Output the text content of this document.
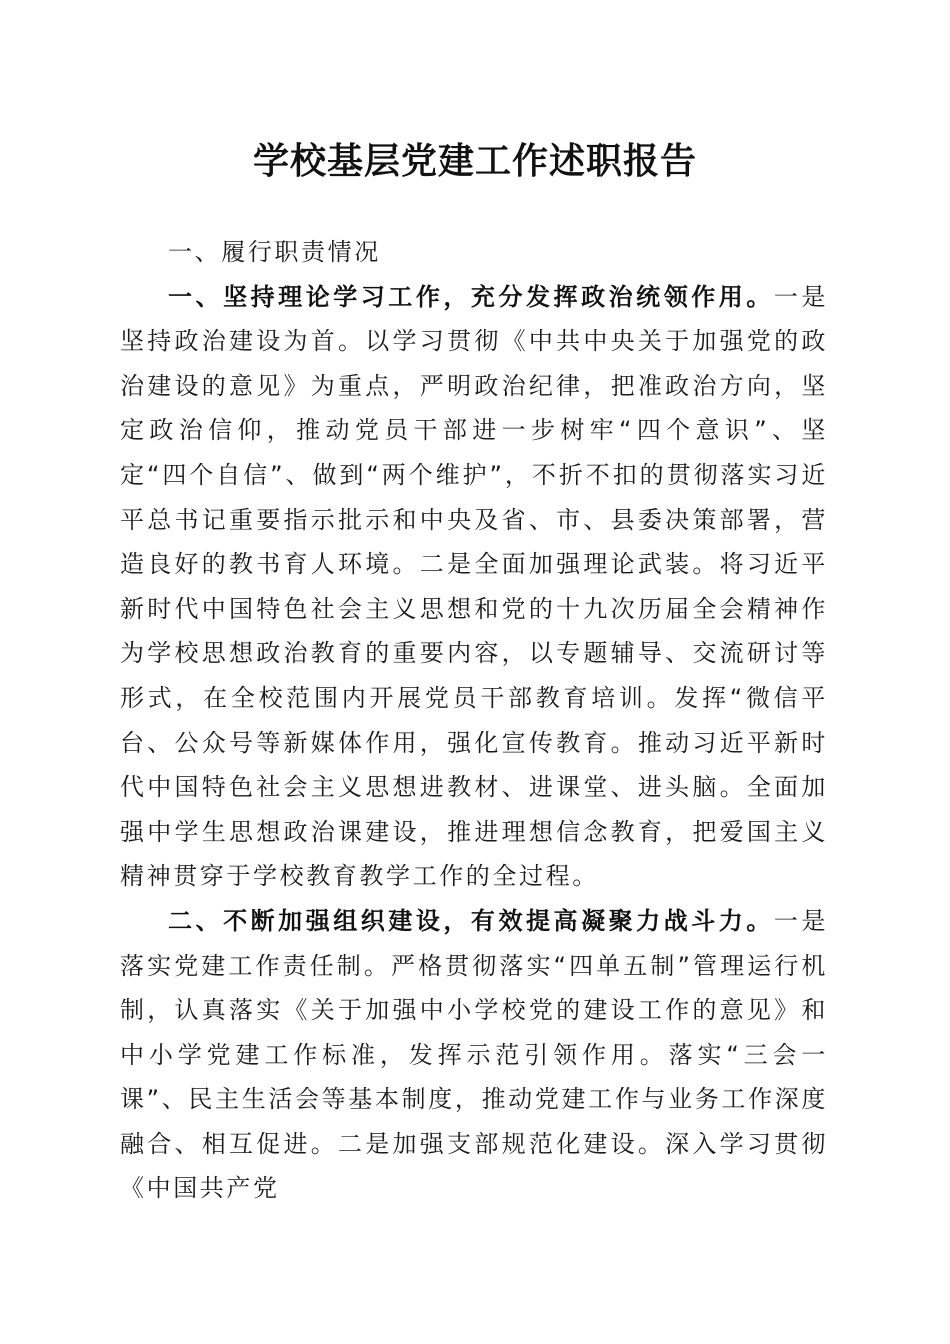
学校基层党建工作述职报告

一、履行职责情况

一、坚持理论学习工作，充分发挥政治统领作用。一是坚持政治建设为首。以学习贯彻《中共中央关于加强党的政治建设的意见》为重点，严明政治纪律，把准政治方向，坚定政治信仰，推动党员干部进一步树牢“四个意识”、坚定“四个自信”、做到“两个维护”，不折不扣的贯彻落实习近平总书记重要指示批示和中央及省、市、县委决策部署，营造良好的教书育人环境。二是全面加强理论武装。将习近平新时代中国特色社会主义思想和党的十九次历届全会精神作为学校思想政治教育的重要内容，以专题辅导、交流研讨等形式，在全校范围内开展党员干部教育培训。发挥“微信平台、公众号等新媒体作用，强化宣传教育。推动习近平新时代中国特色社会主义思想进教材、进课堂、进头脑。全面加强中学生思想政治课建设，推进理想信念教育，把爱国主义精神贯穿于学校教育教学工作的全过程。

二、不断加强组织建设，有效提高凝聚力战斗力。一是落实党建工作责任制。严格贯彻落实“四单五制”管理运行机制，认真落实《关于加强中小学校党的建设工作的意见》和中小学党建工作标准，发挥示范引领作用。落实“三会一课”、民主生活会等基本制度，推动党建工作与业务工作深度融合、相互促进。二是加强支部规范化建设。深入学习贯彻《中国共产党
